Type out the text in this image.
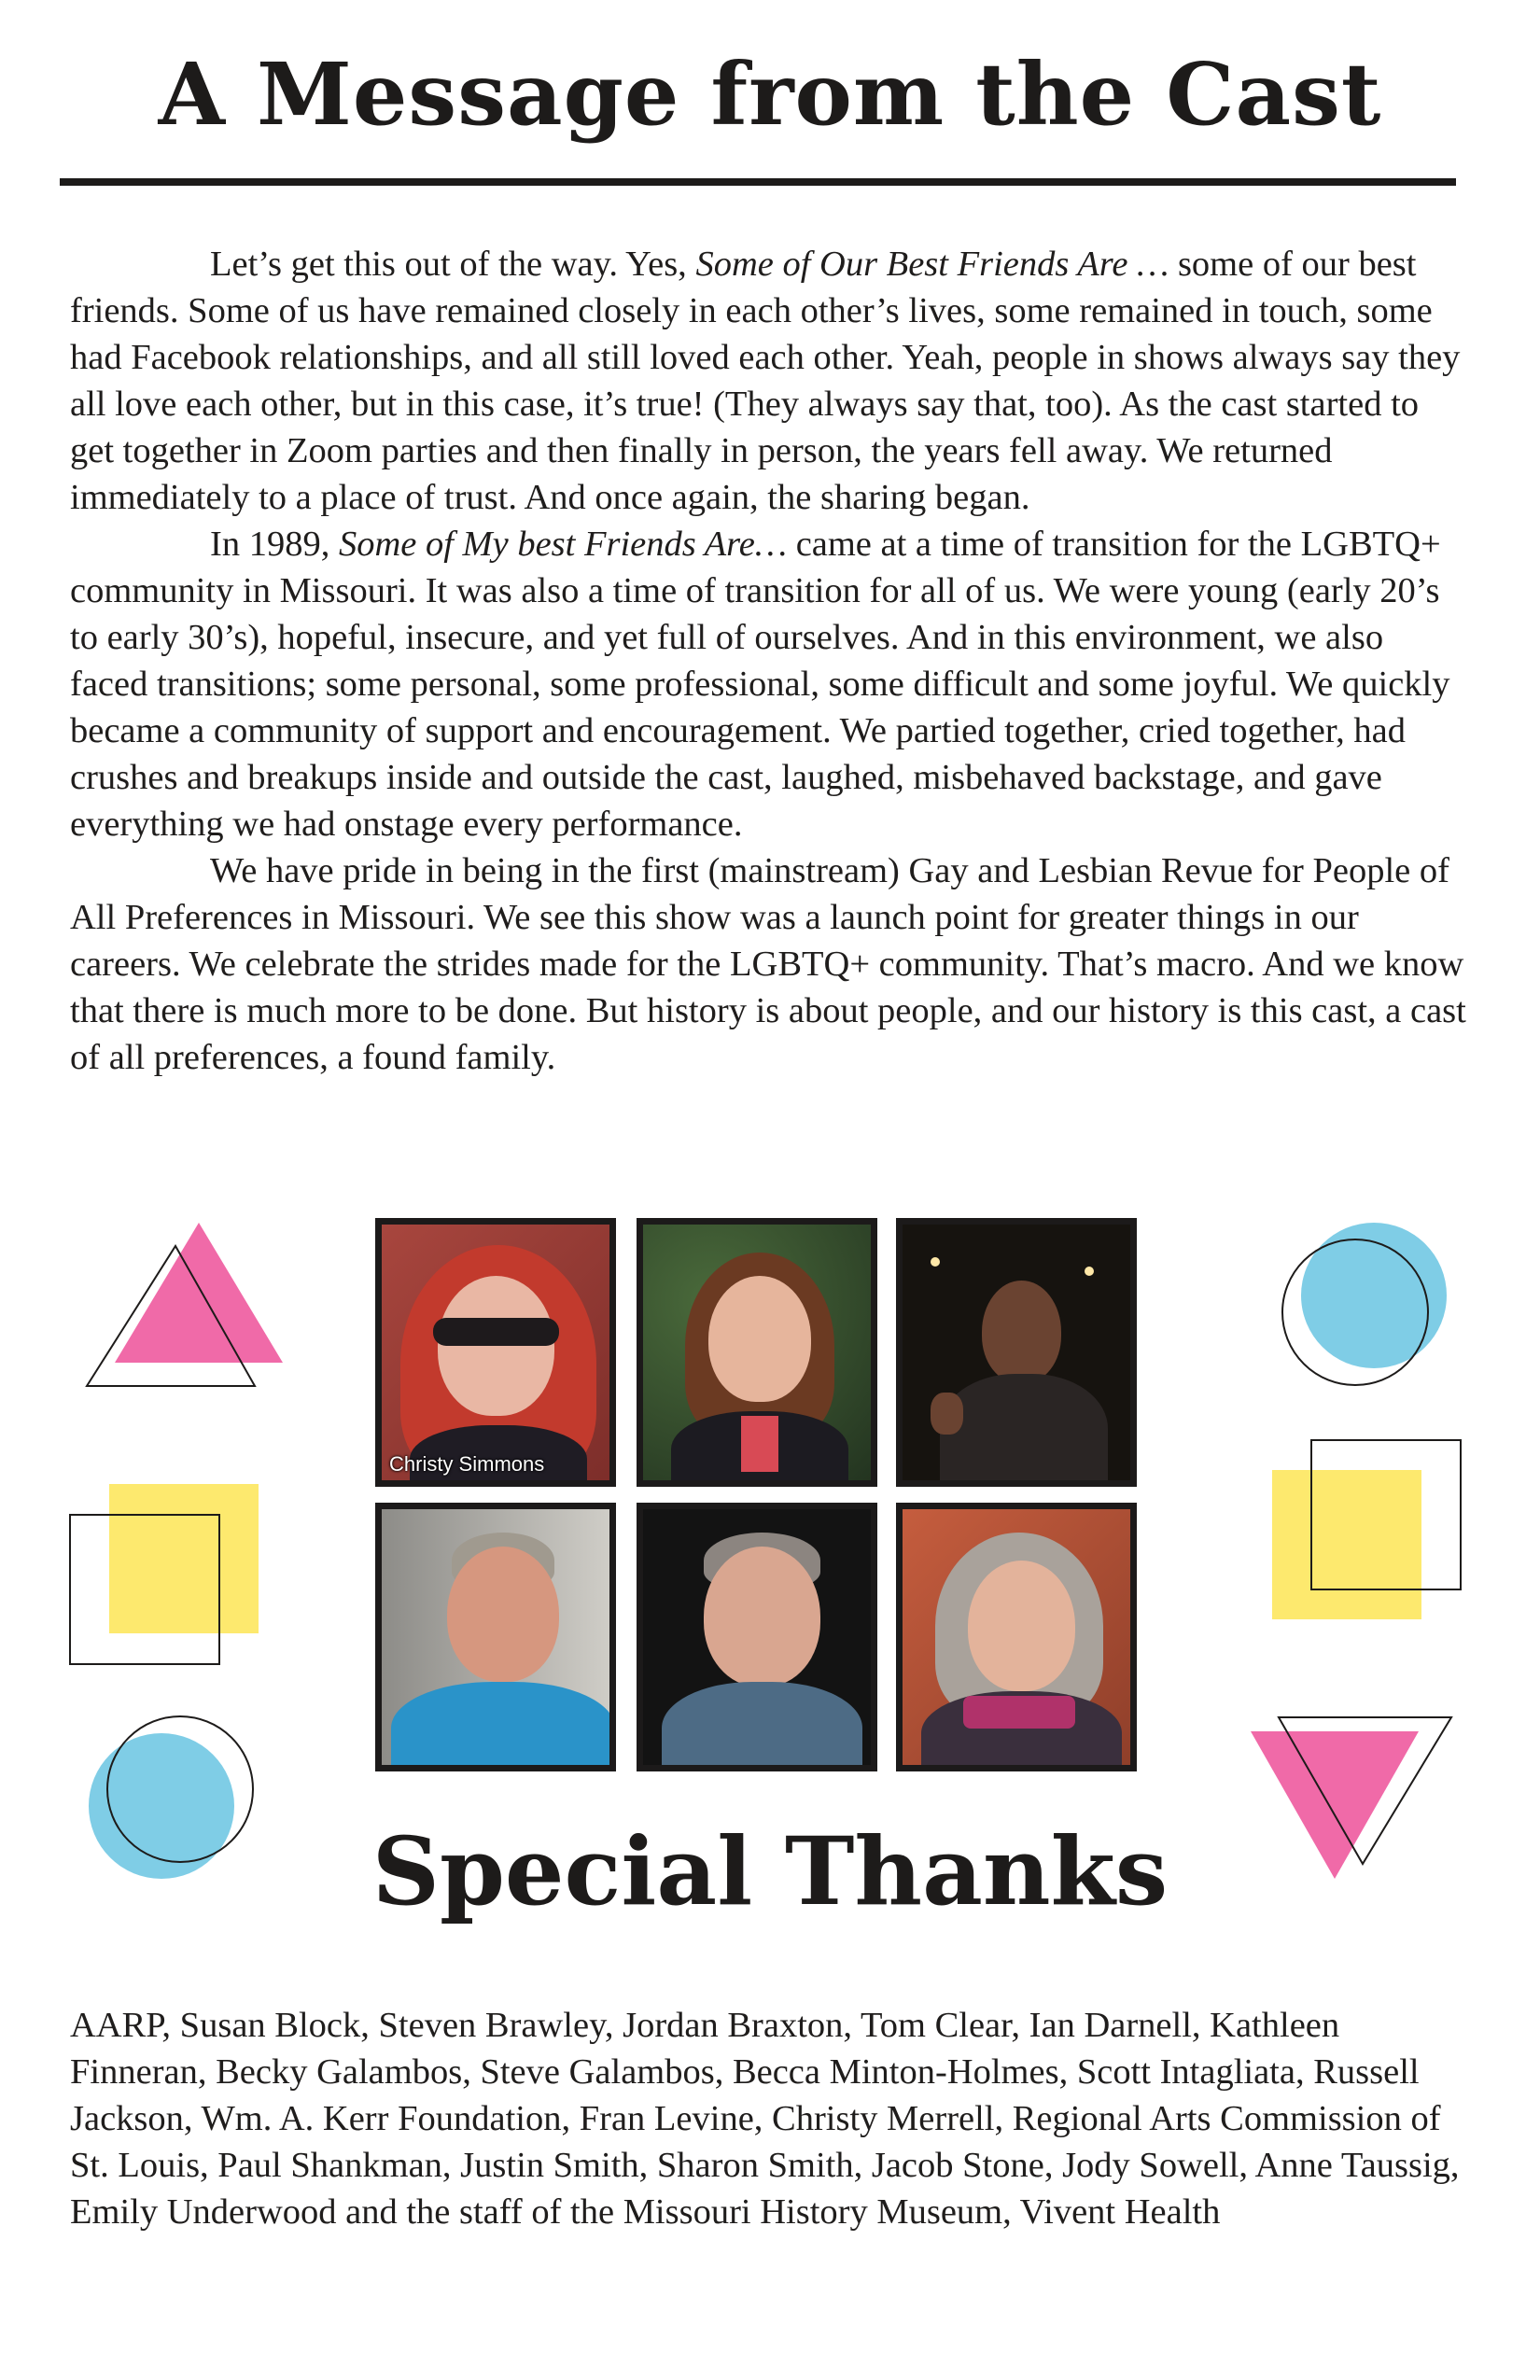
A Message from the Cast

Let’s get this out of the way. Yes, Some of Our Best Friends Are … some of our best friends. Some of us have remained closely in each other’s lives, some remained in touch, some had Facebook relationships, and all still loved each other. Yeah, people in shows always say they all love each other, but in this case, it’s true! (They always say that, too). As the cast started to get together in Zoom parties and then finally in person, the years fell away. We returned immediately to a place of trust. And once again, the sharing began.

In 1989, Some of My best Friends Are… came at a time of transition for the LGBTQ+ community in Missouri. It was also a time of transition for all of us. We were young (early 20’s to early 30’s), hopeful, insecure, and yet full of ourselves. And in this environment, we also faced transitions; some personal, some professional, some difficult and some joyful. We quickly became a community of support and encouragement. We partied together, cried together, had crushes and breakups inside and outside the cast, laughed, misbehaved backstage, and gave everything we had onstage every performance.

We have pride in being in the first (mainstream) Gay and Lesbian Revue for People of All Preferences in Missouri. We see this show was a launch point for greater things in our careers. We celebrate the strides made for the LGBTQ+ community. That’s macro. And we know that there is much more to be done. But history is about people, and our history is this cast, a cast of all preferences, a found family.

Christy Simmons
Special Thanks
AARP, Susan Block, Steven Brawley, Jordan Braxton, Tom Clear, Ian Darnell, Kathleen Finneran, Becky Galambos, Steve Galambos, Becca Minton-Holmes, Scott Intagliata, Russell Jackson, Wm. A. Kerr Foundation, Fran Levine, Christy Merrell, Regional Arts Commission of St. Louis, Paul Shankman, Justin Smith, Sharon Smith, Jacob Stone, Jody Sowell, Anne Taussig, Emily Underwood and the staff of the Missouri History Museum, Vivent Health
